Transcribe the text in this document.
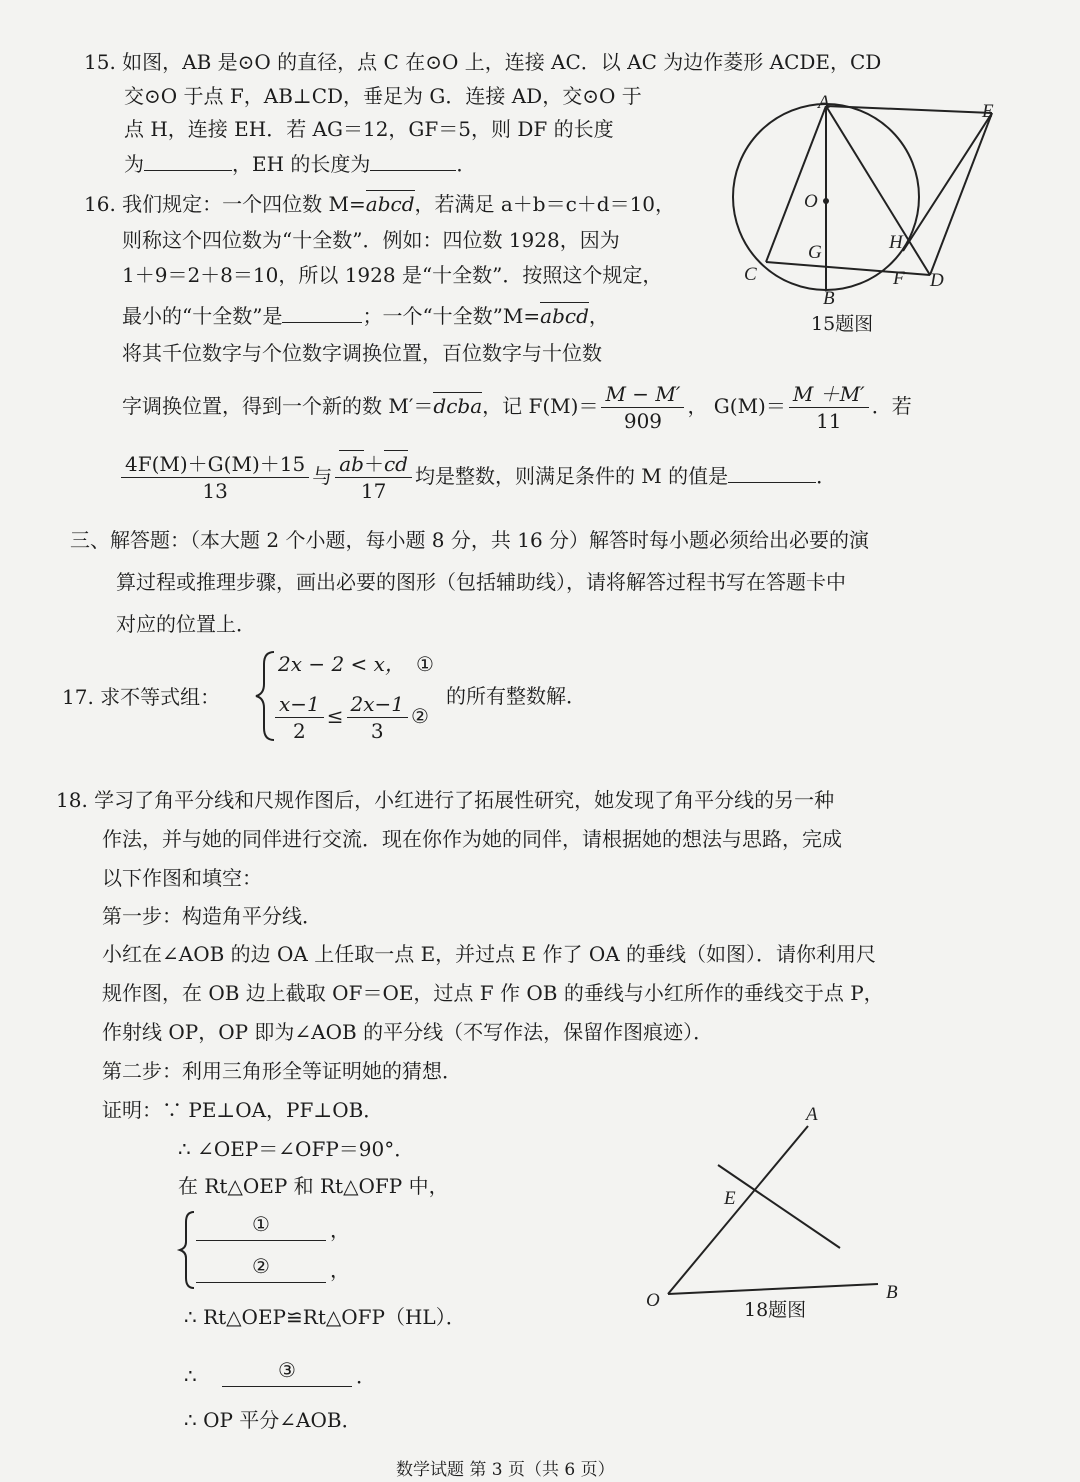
15. 如图，AB 是⊙O 的直径，点 C 在⊙O 上，连接 AC．以 AC 为边作菱形 ACDE，CD
交⊙O 于点 F，AB⊥CD，垂足为 G．连接 AD，交⊙O 于
点 H，连接 EH．若 AG＝12，GF＝5，则 DF 的长度
为	，EH 的长度为	．
A	E
O
G	H
C	F D
B
15题图
16. 我们规定：一个四位数 M=abcd，若满足 a＋b＝c＋d＝10，
则称这个四位数为“十全数”．例如：四位数 1928，因为
1＋9＝2＋8＝10，所以 1928 是“十全数”．按照这个规定，
最小的“十全数”是	；一个“十全数”M=abcd，
将其千位数字与个位数字调换位置，百位数字与十位数
字调换位置，得到一个新的数 M′＝dcba，记 $F(M)= \frac{M - M'}{909}$ ， $G(M)= \frac{M +M'}{11}$ ．若
$\frac{4F(M)+G(M)+15}{13}$ 与 $\frac{ab+cd}{17}$ 均是整数，则满足条件的 M 的值是	．
三、解答题：（本大题 2 个小题，每小题 8 分，共 16 分）解答时每小题必须给出必要的演
算过程或推理步骤，画出必要的图形（包括辅助线），请将解答过程书写在答题卡中
对应的位置上．
17. 求不等式组：
2x − 2 < x， ①
$\frac{x-1}{2} \le \frac{2x-1}{3}$ ②
的所有整数解．
18. 学习了角平分线和尺规作图后，小红进行了拓展性研究，她发现了角平分线的另一种
作法，并与她的同伴进行交流．现在你作为她的同伴，请根据她的想法与思路，完成
以下作图和填空：
第一步：构造角平分线．
小红在∠AOB 的边 OA 上任取一点 E，并过点 E 作了 OA 的垂线（如图）．请你利用尺
规作图，在 OB 边上截取 OF＝OE，过点 F 作 OB 的垂线与小红所作的垂线交于点 P，
作射线 OP，OP 即为∠AOB 的平分线（不写作法，保留作图痕迹）．
第二步：利用三角形全等证明她的猜想．
证明：∵ PE⊥OA，PF⊥OB．
∴ ∠OEP＝∠OFP＝90°．
在 Rt△OEP 和 Rt△OFP 中，
①	，
②	，
∴ Rt△OEP≌Rt△OFP（HL）．
∴	③	．
∴ OP 平分∠AOB．
A
E
O	B
18题图
数学试题 第 3 页（共 6 页）
